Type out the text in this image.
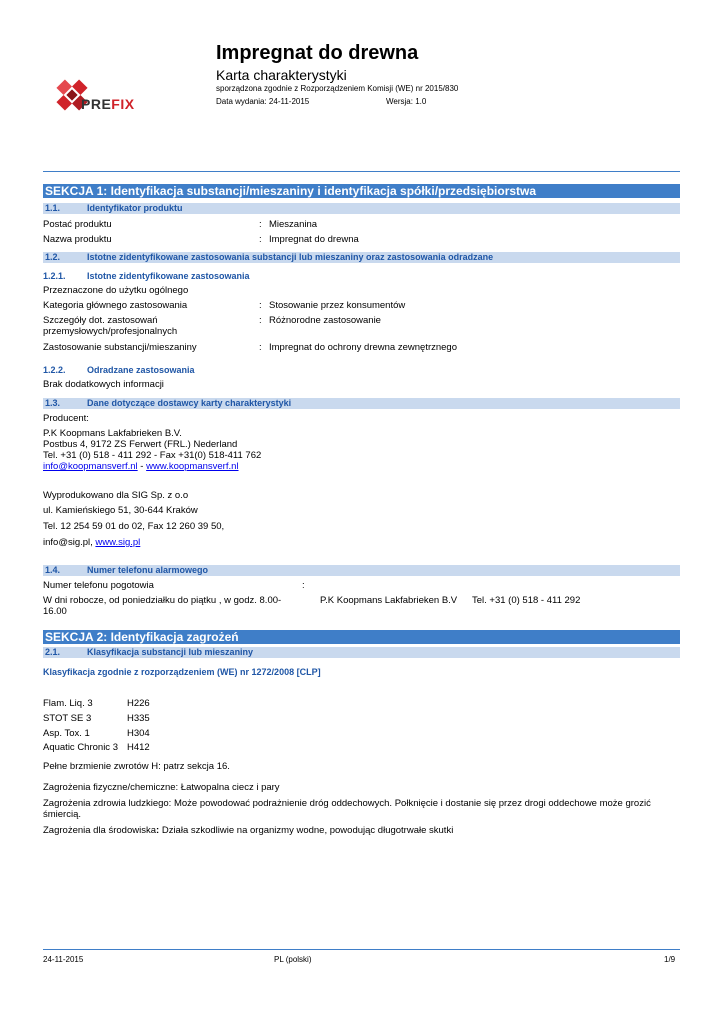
PREFIX
Impregnat do drewna
Karta charakterystyki
sporządzona zgodnie z Rozporządzeniem Komisji (WE) nr 2015/830
Data wydania: 24-11-2015	Wersja: 1.0
SEKCJA 1: Identyfikacja substancji/mieszaniny i identyfikacja spółki/przedsiębiorstwa
1.1.	Identyfikator produktu
Postać produktu	: Mieszanina
Nazwa produktu	: Impregnat do drewna
1.2.	Istotne zidentyfikowane zastosowania substancji lub mieszaniny oraz zastosowania odradzane
1.2.1. Istotne zidentyfikowane zastosowania
Przeznaczone do użytku ogólnego
Kategoria głównego zastosowania	: Stosowanie przez konsumentów
Szczegóły dot. zastosowań
przemysłowych/profesjonalnych
: Różnorodne zastosowanie
Zastosowanie substancji/mieszaniny	: Impregnat do ochrony drewna zewnętrznego
1.2.2. Odradzane zastosowania
Brak dodatkowych informacji
1.3.	Dane dotyczące dostawcy karty charakterystyki
Producent:
P.K Koopmans Lakfabrieken B.V.
Postbus 4, 9172 ZS Ferwert (FRL.) Nederland
Tel. +31 (0) 518 - 411 292 - Fax +31(0) 518-411 762
info@koopmansverf.nl - www.koopmansverf.nl
Wyprodukowano dla SIG Sp. z o.o
ul. Kamieńskiego 51, 30-644 Kraków
Tel. 12 254 59 01 do 02, Fax 12 260 39 50,
info@sig.pl, www.sig.pl
1.4.	Numer telefonu alarmowego
Numer telefonu pogotowia	:
W dni robocze, od poniedziałku do piątku , w godz. 8.00-
16.00
P.K Koopmans Lakfabrieken B.V Tel. +31 (0) 518 - 411 292
SEKCJA 2: Identyfikacja zagrożeń
2.1.	Klasyfikacja substancji lub mieszaniny
Klasyfikacja zgodnie z rozporządzeniem (WE) nr 1272/2008 [CLP]
Flam. Liq. 3	H226
STOT SE 3	H335
Asp. Tox. 1	H304
Aquatic Chronic 3 H412
Pełne brzmienie zwrotów H: patrz sekcja 16.
Zagrożenia fizyczne/chemiczne: Łatwopalna ciecz i pary
Zagrożenia zdrowia ludzkiego: Może powodować podrażnienie dróg oddechowych. Połknięcie i dostanie się przez drogi oddechowe może grozić
śmiercią.
Zagrożenia dla środowiska: Działa szkodliwie na organizmy wodne, powodując długotrwałe skutki
24-11-2015	PL (polski)	1/9
